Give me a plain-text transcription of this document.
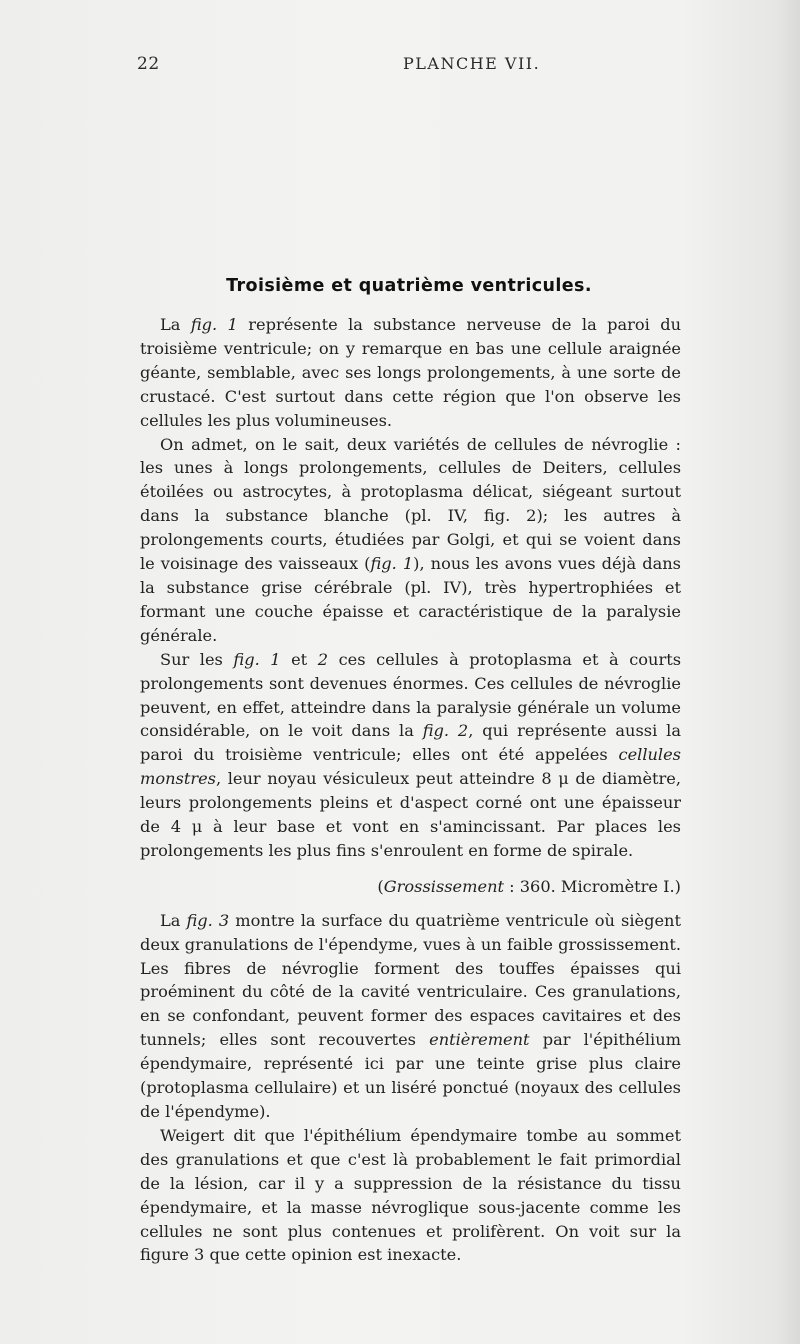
22	PLANCHE VII.
Troisième et quatrième ventricules.

La fig. 1 représente la substance nerveuse de la paroi du troisième ventricule; on y remarque en bas une cellule araignée géante, semblable, avec ses longs prolongements, à une sorte de crustacé. C'est surtout dans cette région que l'on observe les cellules les plus volumineuses.

On admet, on le sait, deux variétés de cellules de névroglie : les unes à longs prolongements, cellules de Deiters, cellules étoilées ou astrocytes, à protoplasma délicat, siégeant surtout dans la substance blanche (pl. IV, fig. 2); les autres à prolongements courts, étudiées par Golgi, et qui se voient dans le voisinage des vaisseaux (fig. 1), nous les avons vues déjà dans la substance grise cérébrale (pl. IV), très hypertrophiées et formant une couche épaisse et caractéristique de la paralysie générale.

Sur les fig. 1 et 2 ces cellules à protoplasma et à courts prolongements sont devenues énormes. Ces cellules de névroglie peuvent, en effet, atteindre dans la paralysie générale un volume considérable, on le voit dans la fig. 2, qui représente aussi la paroi du troisième ventricule; elles ont été appelées cellules monstres, leur noyau vésiculeux peut atteindre 8 μ de diamètre, leurs prolongements pleins et d'aspect corné ont une épaisseur de 4 μ à leur base et vont en s'amincissant. Par places les prolongements les plus fins s'enroulent en forme de spirale.

(Grossissement : 360. Micromètre I.)

La fig. 3 montre la surface du quatrième ventricule où siègent deux granulations de l'épendyme, vues à un faible grossissement. Les fibres de névroglie forment des touffes épaisses qui proéminent du côté de la cavité ventriculaire. Ces granulations, en se confondant, peuvent former des espaces cavitaires et des tunnels; elles sont recouvertes entièrement par l'épithélium épendymaire, représenté ici par une teinte grise plus claire (protoplasma cellulaire) et un liséré ponctué (noyaux des cellules de l'épendyme).

Weigert dit que l'épithélium épendymaire tombe au sommet des granulations et que c'est là probablement le fait primordial de la lésion, car il y a suppression de la résistance du tissu épendymaire, et la masse névroglique sous-jacente comme les cellules ne sont plus contenues et prolifèrent. On voit sur la figure 3 que cette opinion est inexacte.
